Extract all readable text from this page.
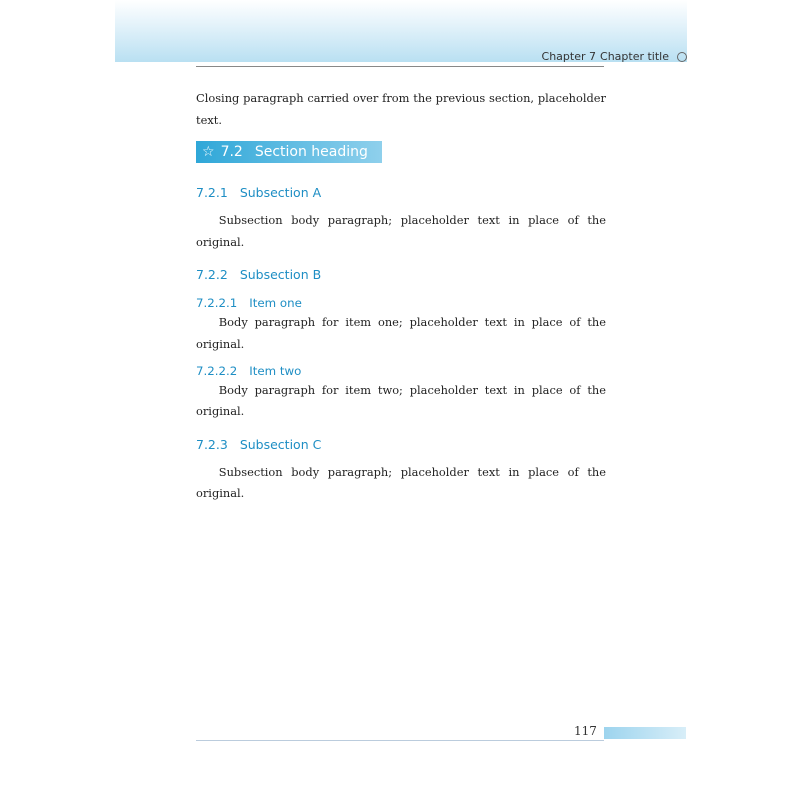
Chapter 7 Chapter title

Closing paragraph carried over from the previous section, placeholder text.

☆ 7.2 Section heading
7.2.1 Subsection A

Subsection body paragraph; placeholder text in place of the original.

7.2.2 Subsection B
7.2.2.1 Item one

Body paragraph for item one; placeholder text in place of the original.

7.2.2.2 Item two

Body paragraph for item two; placeholder text in place of the original.

7.2.3 Subsection C

Subsection body paragraph; placeholder text in place of the original.

117
